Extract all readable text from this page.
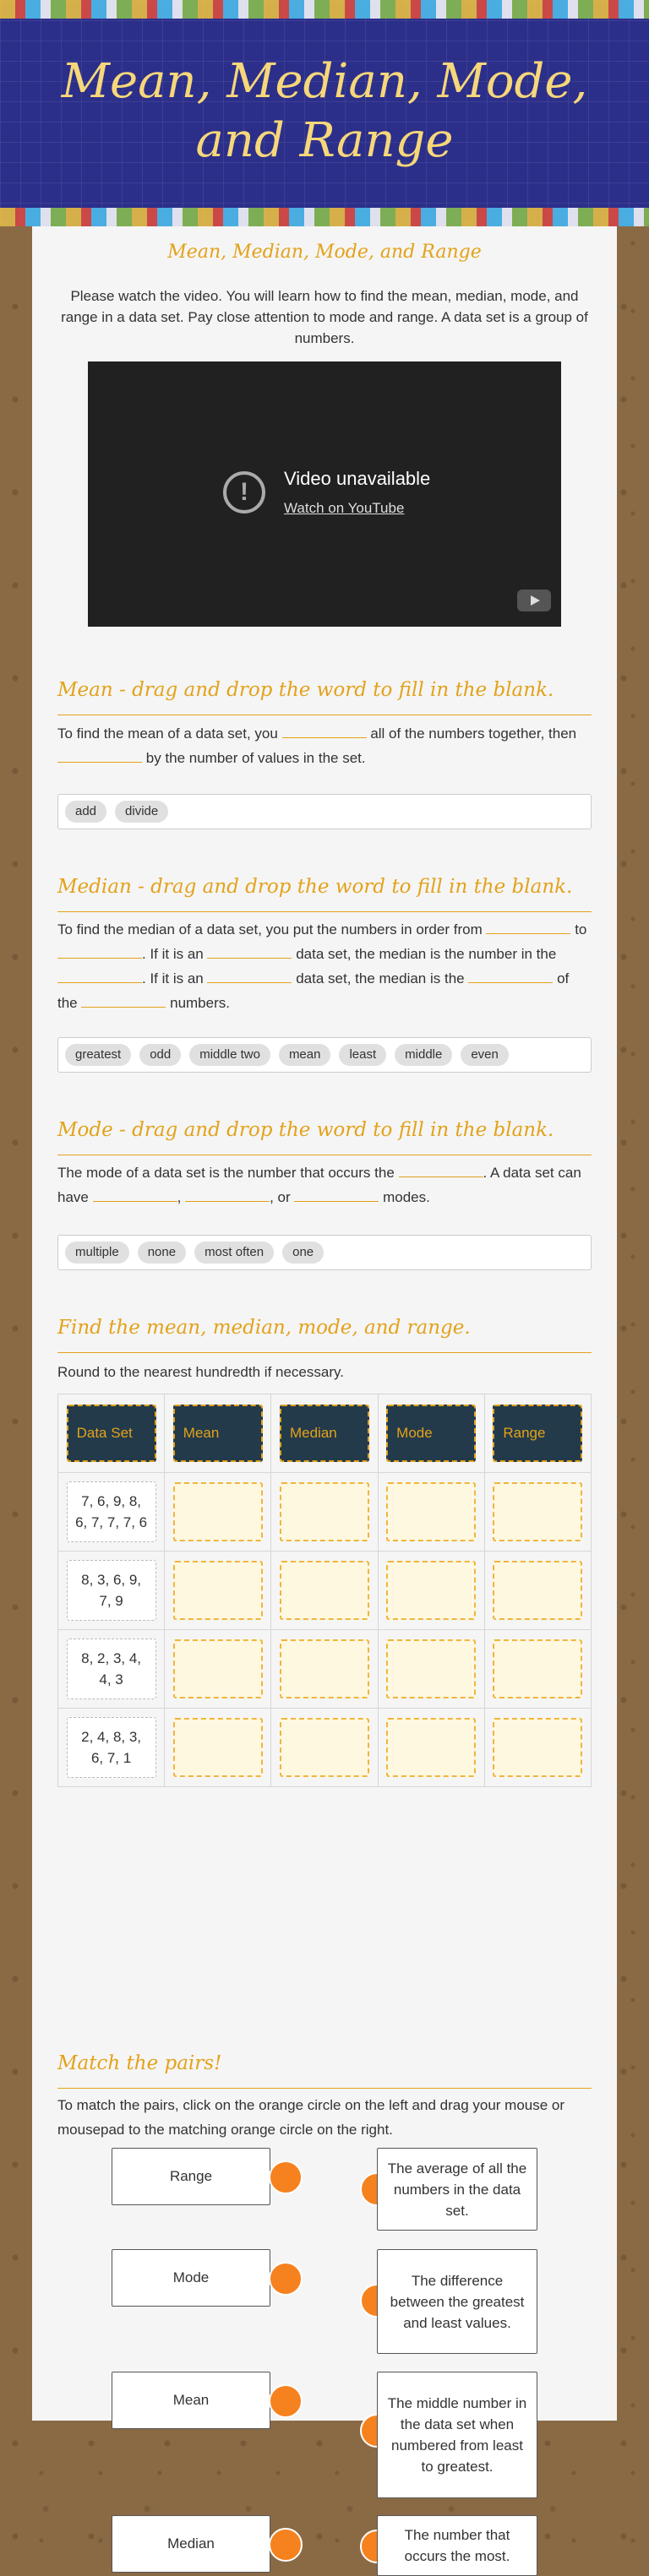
Mean, Median, Mode, and Range
Mean, Median, Mode, and Range

Please watch the video. You will learn how to find the mean, median, mode, and range in a data set. Pay close attention to mode and range. A data set is a group of numbers.

!	Video unavailable
Watch on YouTube
Mean - drag and drop the word to fill in the blank.

To find the mean of a data set, you	all of the numbers together, then  by the number of values in the set.

add	divide
Median - drag and drop the word to fill in the blank.

To find the median of a data set, you put the numbers in order from	to . If it is an	data set, the median is the number in the . If it is an	data set, the median is the	of the	numbers.

greatest	odd	middle two	mean	least	middle	even
Mode - drag and drop the word to fill in the blank.

The mode of a data set is the number that occurs the	. A data set can have	,	, or	modes.

multiple	none	most often	one
Find the mean, median, mode, and range.

Round to the nearest hundredth if necessary.

Data Set	Mean	Median	Mode	Range

7, 6, 9, 8, 6, 7, 7, 7, 6				

8, 3, 6, 9, 7, 9				

8, 2, 3, 4, 4, 3				

2, 4, 8, 3, 6, 7, 1				

Match the pairs!

To match the pairs, click on the orange circle on the left and drag your mouse or mousepad to the matching orange circle on the right.

Range	The average of all the numbers in the data set.
Mode	The difference between the greatest and least values.
Mean	The middle number in the data set when numbered from least to greatest.
Median
The number that occurs the most.
